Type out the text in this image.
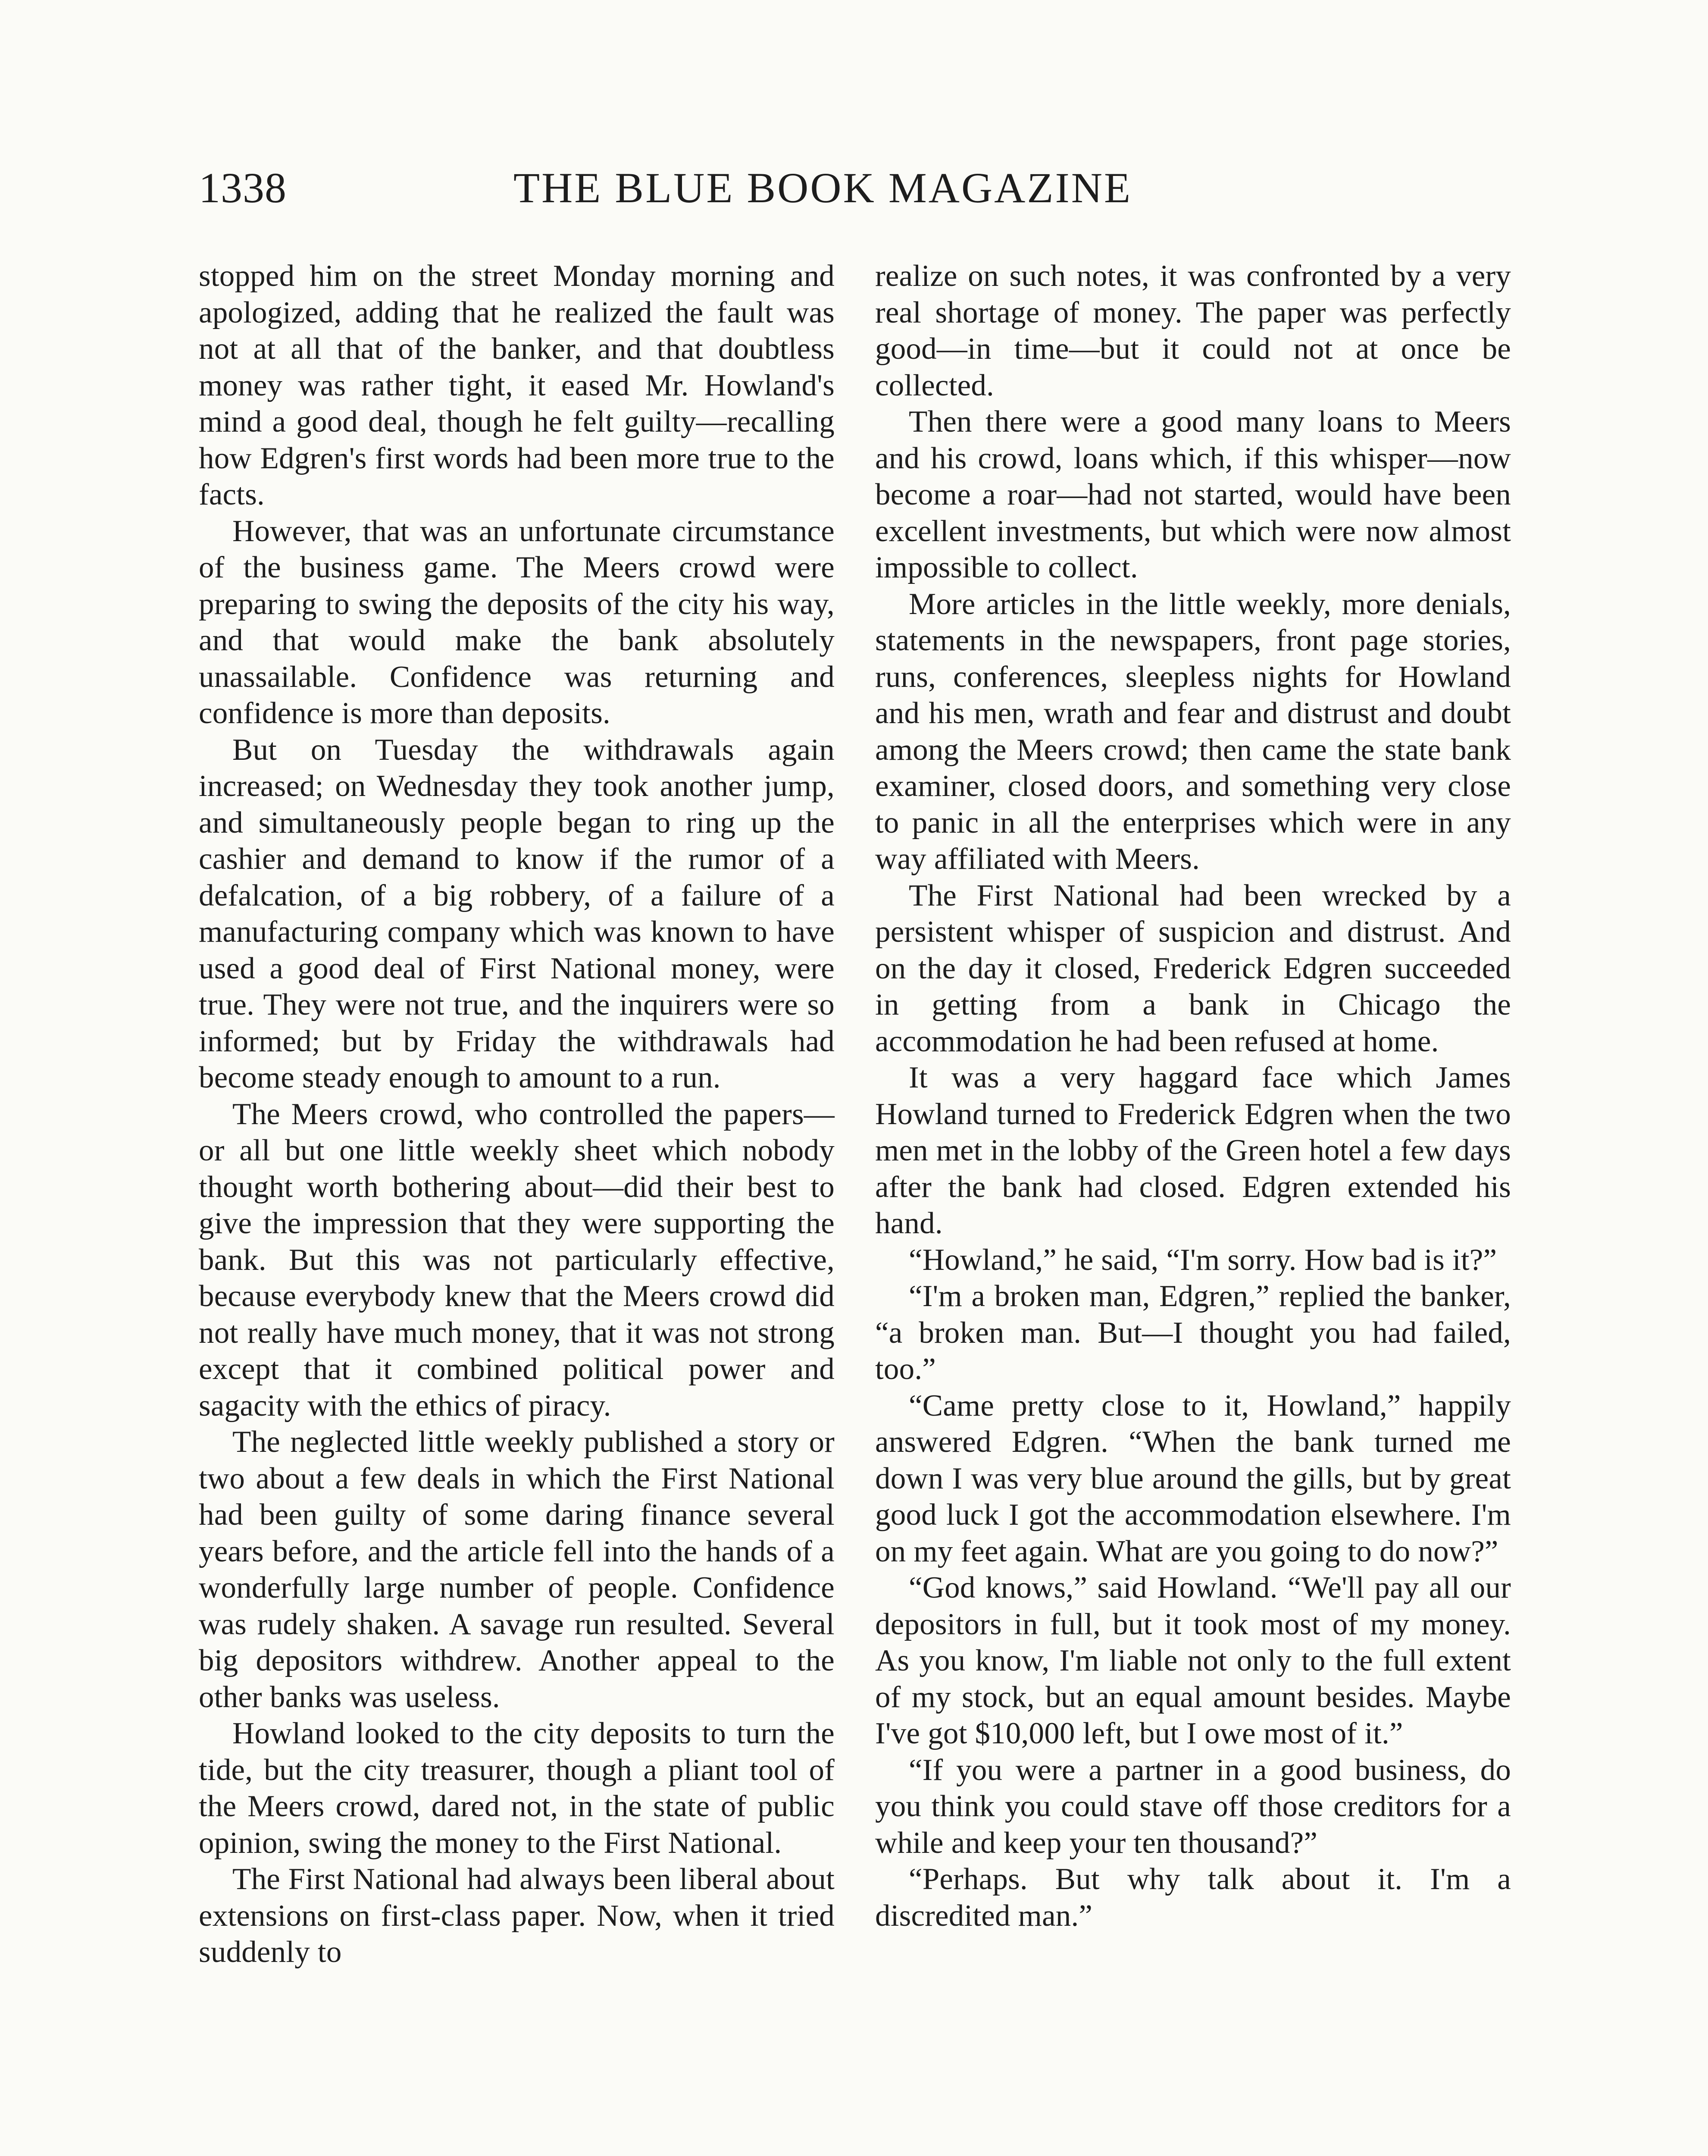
1338	THE BLUE BOOK MAGAZINE

stopped him on the street Monday morning and apologized, adding that he realized the fault was not at all that of the banker, and that doubtless money was rather tight, it eased Mr. Howland's mind a good deal, though he felt guilty—recalling how Edgren's first words had been more true to the facts.

However, that was an unfortunate circumstance of the business game. The Meers crowd were preparing to swing the deposits of the city his way, and that would make the bank absolutely unassailable. Confidence was returning and confidence is more than deposits.

But on Tuesday the withdrawals again increased; on Wednesday they took another jump, and simultaneously people began to ring up the cashier and demand to know if the rumor of a defalcation, of a big robbery, of a failure of a manufacturing company which was known to have used a good deal of First National money, were true. They were not true, and the inquirers were so informed; but by Friday the withdrawals had become steady enough to amount to a run.

The Meers crowd, who controlled the papers—or all but one little weekly sheet which nobody thought worth bothering about—did their best to give the impression that they were supporting the bank. But this was not particularly effective, because everybody knew that the Meers crowd did not really have much money, that it was not strong except that it combined political power and sagacity with the ethics of piracy.

The neglected little weekly published a story or two about a few deals in which the First National had been guilty of some daring finance several years before, and the article fell into the hands of a wonderfully large number of people. Confidence was rudely shaken. A savage run resulted. Several big depositors withdrew. Another appeal to the other banks was useless.

Howland looked to the city deposits to turn the tide, but the city treasurer, though a pliant tool of the Meers crowd, dared not, in the state of public opinion, swing the money to the First National.

The First National had always been liberal about extensions on first-class paper. Now, when it tried suddenly to

realize on such notes, it was confronted by a very real shortage of money. The paper was perfectly good—in time—but it could not at once be collected.

Then there were a good many loans to Meers and his crowd, loans which, if this whisper—now become a roar—had not started, would have been excellent investments, but which were now almost impossible to collect.

More articles in the little weekly, more denials, statements in the newspapers, front page stories, runs, conferences, sleepless nights for Howland and his men, wrath and fear and distrust and doubt among the Meers crowd; then came the state bank examiner, closed doors, and something very close to panic in all the enterprises which were in any way affiliated with Meers.

The First National had been wrecked by a persistent whisper of suspicion and distrust. And on the day it closed, Frederick Edgren succeeded in getting from a bank in Chicago the accommodation he had been refused at home.

It was a very haggard face which James Howland turned to Frederick Edgren when the two men met in the lobby of the Green hotel a few days after the bank had closed. Edgren extended his hand.

“Howland,” he said, “I'm sorry. How bad is it?”

“I'm a broken man, Edgren,” replied the banker, “a broken man. But—I thought you had failed, too.”

“Came pretty close to it, Howland,” happily answered Edgren. “When the bank turned me down I was very blue around the gills, but by great good luck I got the accommodation elsewhere. I'm on my feet again. What are you going to do now?”

“God knows,” said Howland. “We'll pay all our depositors in full, but it took most of my money. As you know, I'm liable not only to the full extent of my stock, but an equal amount besides. Maybe I've got $10,000 left, but I owe most of it.”

“If you were a partner in a good business, do you think you could stave off those creditors for a while and keep your ten thousand?”

“Perhaps. But why talk about it. I'm a discredited man.”
